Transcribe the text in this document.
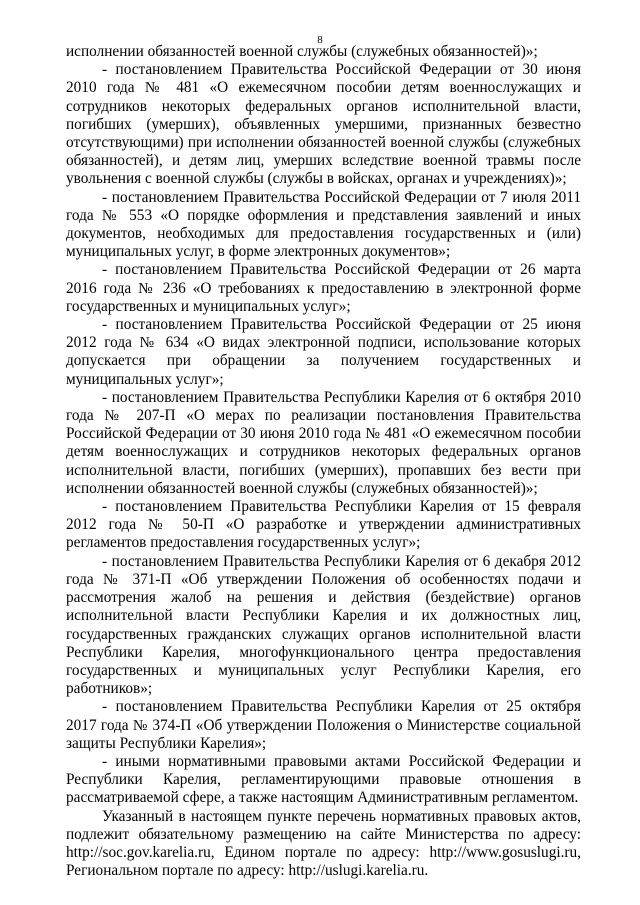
8

исполнении обязанностей военной службы (служебных обязанностей)»;

- постановлением Правительства Российской Федерации от 30 июня 2010 года № 481 «О ежемесячном пособии детям военнослужащих и сотрудников некоторых федеральных органов исполнительной власти, погибших (умерших), объявленных умершими, признанных безвестно отсутствующими) при исполнении обязанностей военной службы (служебных обязанностей), и детям лиц, умерших вследствие военной травмы после увольнения с военной службы (службы в войсках, органах и учреждениях)»;

- постановлением Правительства Российской Федерации от 7 июля 2011 года № 553 «О порядке оформления и представления заявлений и иных документов, необходимых для предоставления государственных и (или) муниципальных услуг, в форме электронных документов»;

- постановлением Правительства Российской Федерации от 26 марта 2016 года № 236 «О требованиях к предоставлению в электронной форме государственных и муниципальных услуг»;

- постановлением Правительства Российской Федерации от 25 июня 2012 года № 634 «О видах электронной подписи, использование которых допускается при обращении за получением государственных и муниципальных услуг»;

- постановлением Правительства Республики Карелия от 6 октября 2010 года № 207-П «О мерах по реализации постановления Правительства Российской Федерации от 30 июня 2010 года № 481 «О ежемесячном пособии детям военнослужащих и сотрудников некоторых федеральных органов исполнительной власти, погибших (умерших), пропавших без вести при исполнении обязанностей военной службы (служебных обязанностей)»;

- постановлением Правительства Республики Карелия от 15 февраля 2012 года № 50-П «О разработке и утверждении административных регламентов предоставления государственных услуг»;

- постановлением Правительства Республики Карелия от 6 декабря 2012 года № 371-П «Об утверждении Положения об особенностях подачи и рассмотрения жалоб на решения и действия (бездействие) органов исполнительной власти Республики Карелия и их должностных лиц, государственных гражданских служащих органов исполнительной власти Республики Карелия, многофункционального центра предоставления государственных и муниципальных услуг Республики Карелия, его работников»;

- постановлением Правительства Республики Карелия от 25 октября 2017 года № 374-П «Об утверждении Положения о Министерстве социальной защиты Республики Карелия»;

- иными нормативными правовыми актами Российской Федерации и Республики Карелия, регламентирующими правовые отношения в рассматриваемой сфере, а также настоящим Административным регламентом.

Указанный в настоящем пункте перечень нормативных правовых актов, подлежит обязательному размещению на сайте Министерства по адресу: http://soc.gov.karelia.ru, Едином портале по адресу: http://www.gosuslugi.ru, Региональном портале по адресу: http://uslugi.karelia.ru.
